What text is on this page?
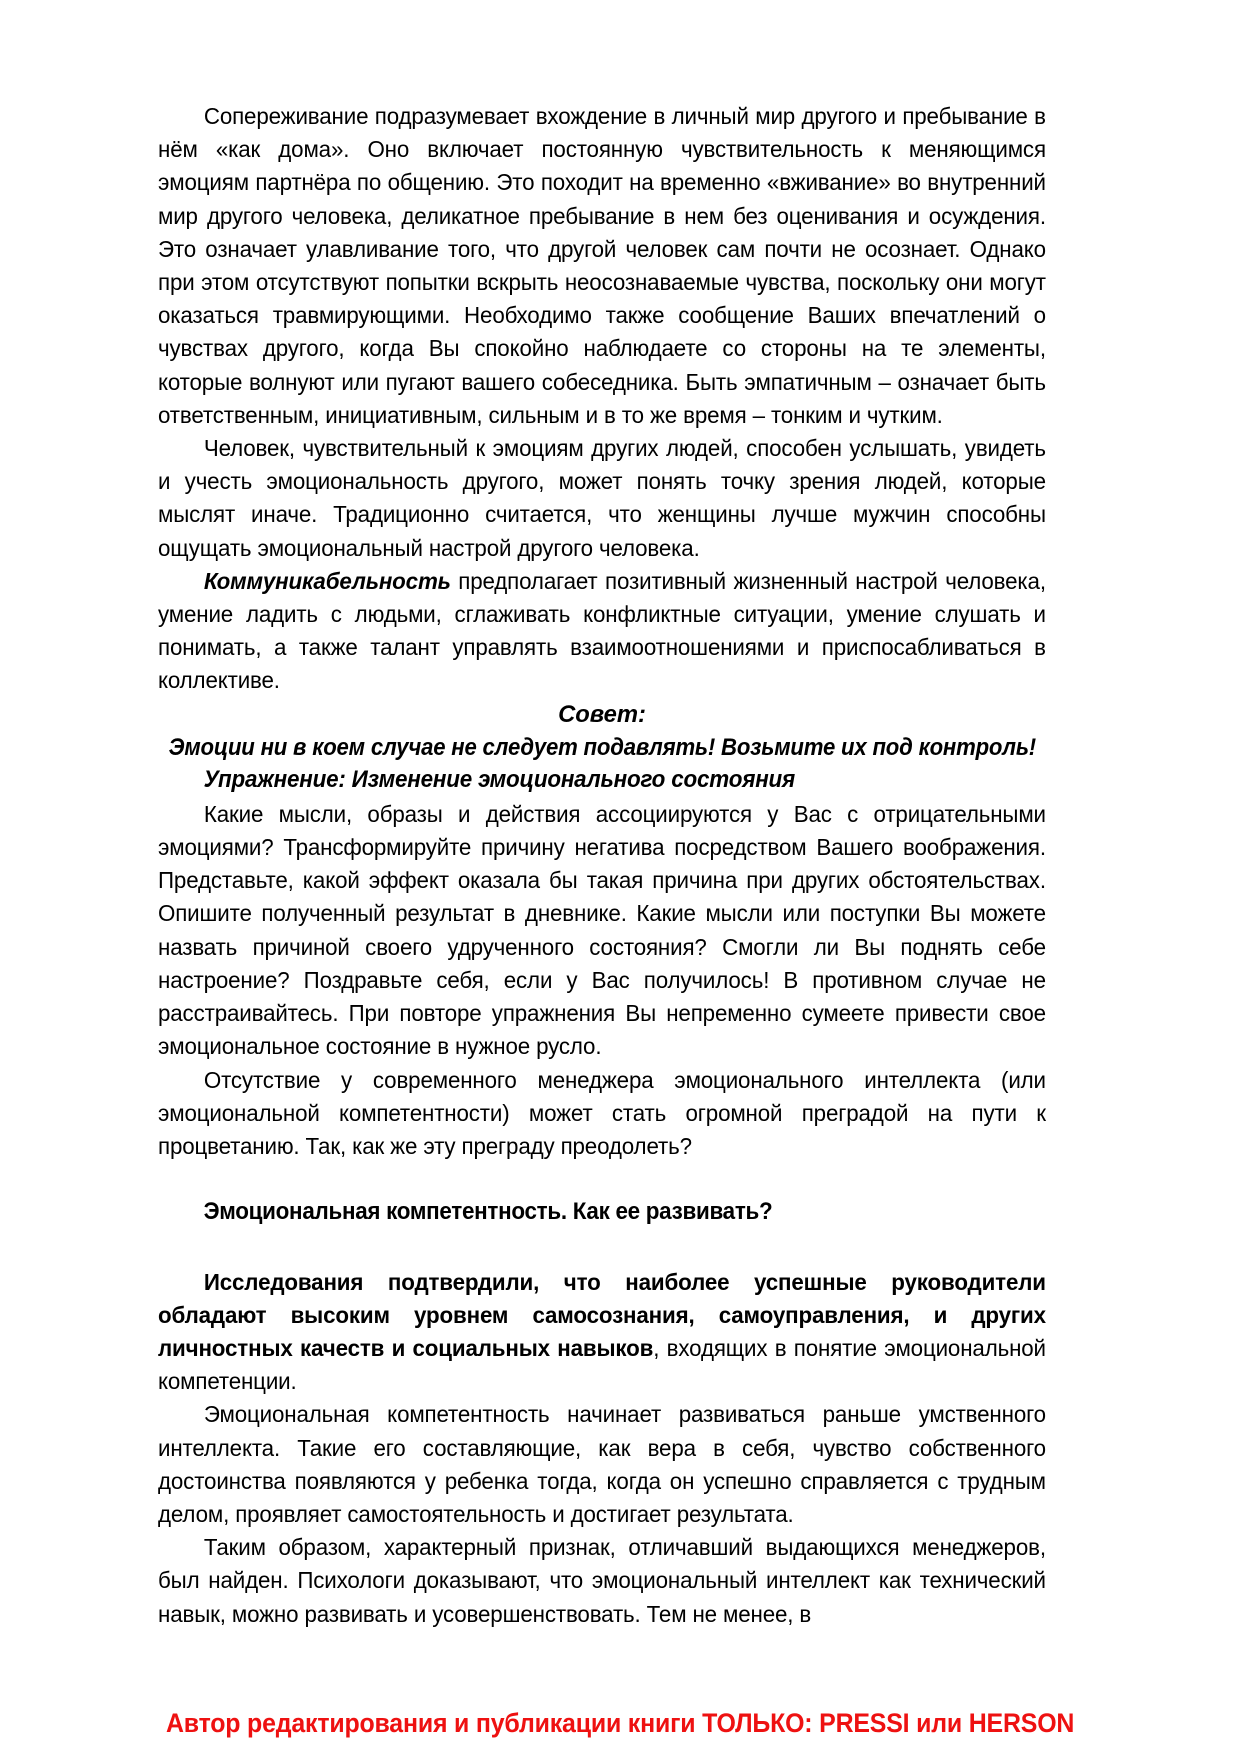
Сопереживание подразумевает вхождение в личный мир другого и пребывание в нём «как дома». Оно включает постоянную чувствительность к меняющимся эмоциям партнёра по общению. Это походит на временно «вживание» во внутренний мир другого человека, деликатное пребывание в нем без оценивания и осуждения. Это означает улавливание того, что другой человек сам почти не осознает. Однако при этом отсутствуют попытки вскрыть неосознаваемые чувства, поскольку они могут оказаться травмирующими. Необходимо также сообщение Ваших впечатлений о чувствах другого, когда Вы спокойно наблюдаете со стороны на те элементы, которые волнуют или пугают вашего собеседника. Быть эмпатичным – означает быть ответственным, инициативным, сильным и в то же время – тонким и чутким.

Человек, чувствительный к эмоциям других людей, способен услышать, увидеть и учесть эмоциональность другого, может понять точку зрения людей, которые мыслят иначе. Традиционно считается, что женщины лучше мужчин способны ощущать эмоциональный настрой другого человека.

Коммуникабельность предполагает позитивный жизненный настрой человека, умение ладить с людьми, сглаживать конфликтные ситуации, умение слушать и понимать, а также талант управлять взаимоотношениями и приспосабливаться в коллективе.

Совет:
Эмоции ни в коем случае не следует подавлять! Возьмите их под контроль!
Упражнение: Изменение эмоционального состояния

Какие мысли, образы и действия ассоциируются у Вас с отрицательными эмоциями? Трансформируйте причину негатива посредством Вашего воображения. Представьте, какой эффект оказала бы такая причина при других обстоятельствах. Опишите полученный результат в дневнике. Какие мысли или поступки Вы можете назвать причиной своего удрученного состояния? Смогли ли Вы поднять себе настроение? Поздравьте себя, если у Вас получилось! В противном случае не расстраивайтесь. При повторе упражнения Вы непременно сумеете привести свое эмоциональное состояние в нужное русло.

Отсутствие у современного менеджера эмоционального интеллекта (или эмоциональной компетентности) может стать огромной преградой на пути к процветанию. Так, как же эту преграду преодолеть?

Эмоциональная компетентность. Как ее развивать?

Исследования подтвердили, что наиболее успешные руководители обладают высоким уровнем самосознания, самоуправления, и других личностных качеств и социальных навыков, входящих в понятие эмоциональной компетенции.

Эмоциональная компетентность начинает развиваться раньше умственного интеллекта. Такие его составляющие, как вера в себя, чувство собственного достоинства появляются у ребенка тогда, когда он успешно справляется с трудным делом, проявляет самостоятельность и достигает результата.

Таким образом, характерный признак, отличавший выдающихся менеджеров, был найден. Психологи доказывают, что эмоциональный интеллект как технический навык, можно развивать и усовершенствовать. Тем не менее, в

Автор редактирования и публикации книги ТОЛЬКО: PRESSI или HERSON
